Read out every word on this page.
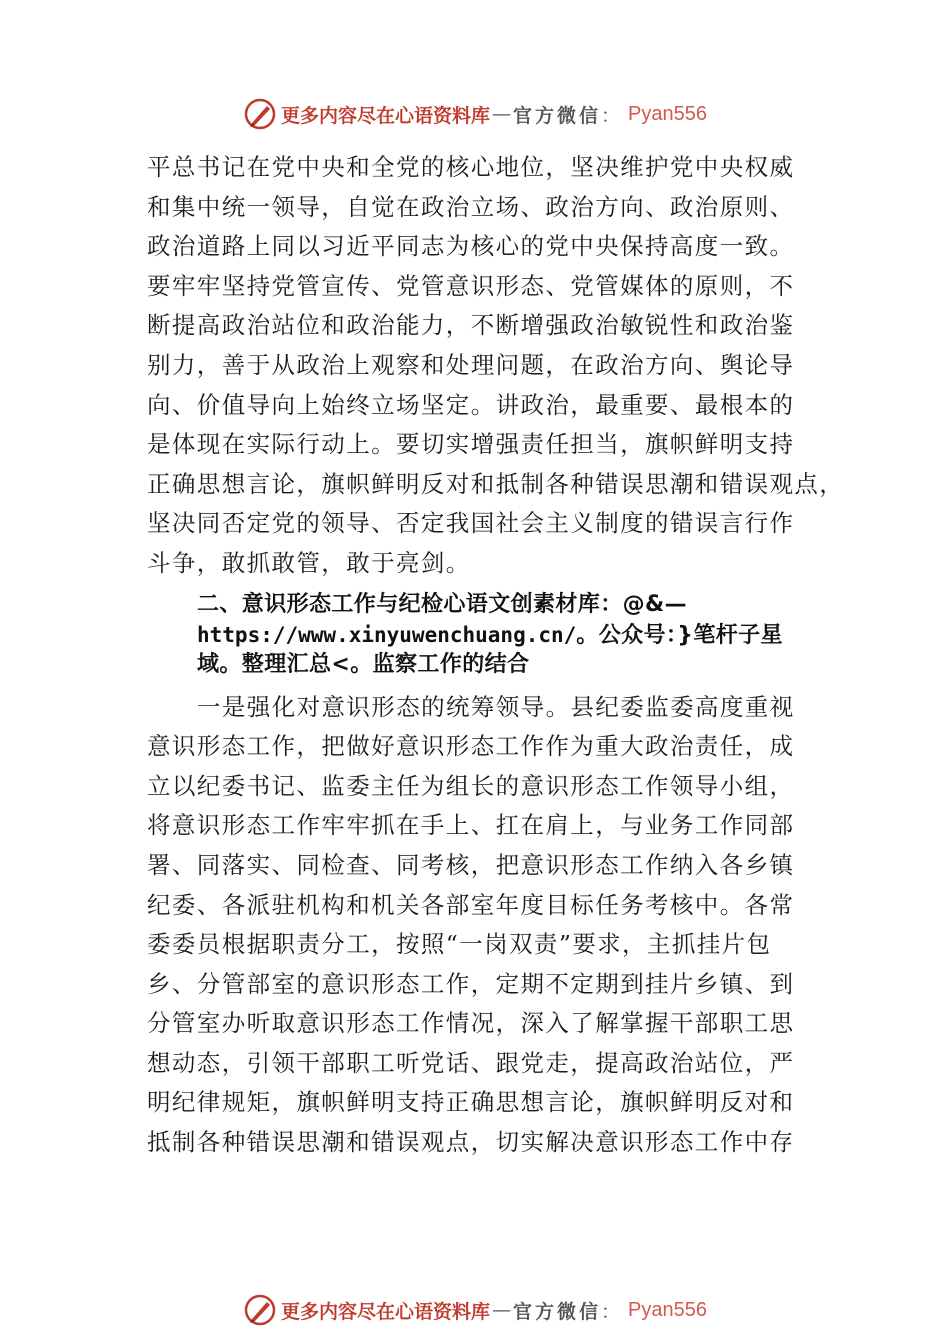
更多内容尽在心语资料库 — 官方微信 ： Pyan556
平总书记在党中央和全党的核心地位，坚决维护党中央权威
和集中统一领导，自觉在政治立场、政治方向、政治原则、
政治道路上同以习近平同志为核心的党中央保持高度一致。
要牢牢坚持党管宣传、党管意识形态、党管媒体的原则，不
断提高政治站位和政治能力，不断增强政治敏锐性和政治鉴
别力，善于从政治上观察和处理问题，在政治方向、舆论导
向、价值导向上始终立场坚定。讲政治，最重要、最根本的
是体现在实际行动上。要切实增强责任担当，旗帜鲜明支持
正确思想言论，旗帜鲜明反对和抵制各种错误思潮和错误观点，
坚决同否定党的领导、否定我国社会主义制度的错误言行作
斗争，敢抓敢管，敢于亮剑。
二、意识形态工作与纪检心语文创素材库：@&—
https://www.xinyuwenchuang.cn/。公众号：}笔杆子星
域。整理汇总<。监察工作的结合
一是强化对意识形态的统筹领导。县纪委监委高度重视
意识形态工作，把做好意识形态工作作为重大政治责任，成
立以纪委书记、监委主任为组长的意识形态工作领导小组，
将意识形态工作牢牢抓在手上、扛在肩上，与业务工作同部
署、同落实、同检查、同考核，把意识形态工作纳入各乡镇
纪委、各派驻机构和机关各部室年度目标任务考核中。各常
委委员根据职责分工，按照“一岗双责”要求，主抓挂片包
乡、分管部室的意识形态工作，定期不定期到挂片乡镇、到
分管室办听取意识形态工作情况，深入了解掌握干部职工思
想动态，引领干部职工听党话、跟党走，提高政治站位，严
明纪律规矩，旗帜鲜明支持正确思想言论，旗帜鲜明反对和
抵制各种错误思潮和错误观点，切实解决意识形态工作中存
更多内容尽在心语资料库 — 官方微信 ： Pyan556
